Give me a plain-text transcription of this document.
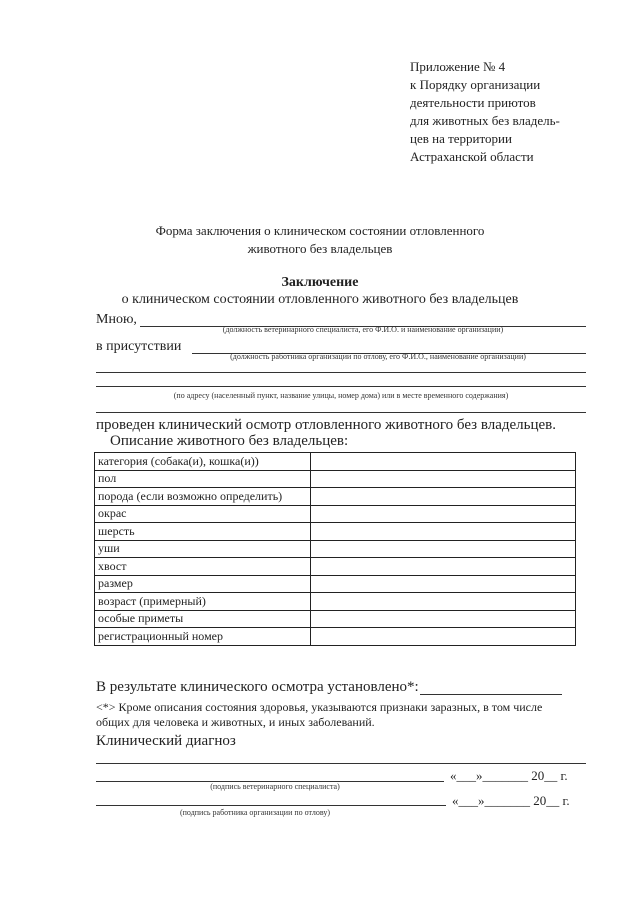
Приложение № 4
к Порядку организации
деятельности приютов
для животных без владель-
цев на территории
Астраханской области
Форма заключения о клиническом состоянии отловленного
животного без владельцев
Заключение
о клиническом состоянии отловленного животного без владельцев
Мною,
(должность ветеринарного специалиста, его Ф.И.О. и наименование организации)
в присутствии
(должность работника организации по отлову, его Ф.И.О., наименование организации)
(по адресу (населенный пункт, название улицы, номер дома) или в месте временного содержания)
проведен клинический осмотр отловленного животного без владельцев.
Описание животного без владельцев:
категория (собака(и), кошка(и))	
пол	
порода (если возможно определить)	
окрас	
шерсть	
уши	
хвост	
размер	
возраст (примерный)	
особые приметы	
регистрационный номер	
В результате клинического осмотра установлено*:
<*> Кроме описания состояния здоровья, указываются признаки заразных, в том числе общих для человека и животных, и иных заболеваний.
Клинический диагноз
«___»_______ 20__ г.
(подпись ветеринарного специалиста)
«___»_______ 20__ г.
(подпись работника организации по отлову)
